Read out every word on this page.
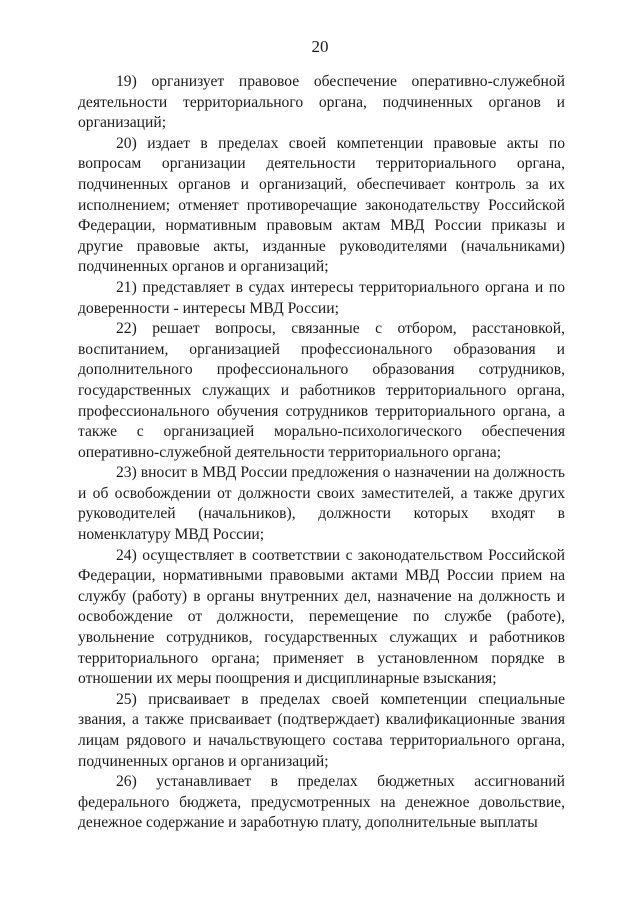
20

19) организует правовое обеспечение оперативно-служебной деятельности территориального органа, подчиненных органов и организаций;

20) издает в пределах своей компетенции правовые акты по вопросам организации деятельности территориального органа, подчиненных органов и организаций, обеспечивает контроль за их исполнением; отменяет противоречащие законодательству Российской Федерации, нормативным правовым актам МВД России приказы и другие правовые акты, изданные руководителями (начальниками) подчиненных органов и организаций;

21) представляет в судах интересы территориального органа и по доверенности - интересы МВД России;

22) решает вопросы, связанные с отбором, расстановкой, воспитанием, организацией профессионального образования и дополнительного профессионального образования сотрудников, государственных служащих и работников территориального органа, профессионального обучения сотрудников территориального органа, а также с организацией морально-психологического обеспечения оперативно-служебной деятельности территориального органа;

23) вносит в МВД России предложения о назначении на должность и об освобождении от должности своих заместителей, а также других руководителей (начальников), должности которых входят в номенклатуру МВД России;

24) осуществляет в соответствии с законодательством Российской Федерации, нормативными правовыми актами МВД России прием на службу (работу) в органы внутренних дел, назначение на должность и освобождение от должности, перемещение по службе (работе), увольнение сотрудников, государственных служащих и работников территориального органа; применяет в установленном порядке в отношении их меры поощрения и дисциплинарные взыскания;

25) присваивает в пределах своей компетенции специальные звания, а также присваивает (подтверждает) квалификационные звания лицам рядового и начальствующего состава территориального органа, подчиненных органов и организаций;

26) устанавливает в пределах бюджетных ассигнований федерального бюджета, предусмотренных на денежное довольствие, денежное содержание и заработную плату, дополнительные выплаты
